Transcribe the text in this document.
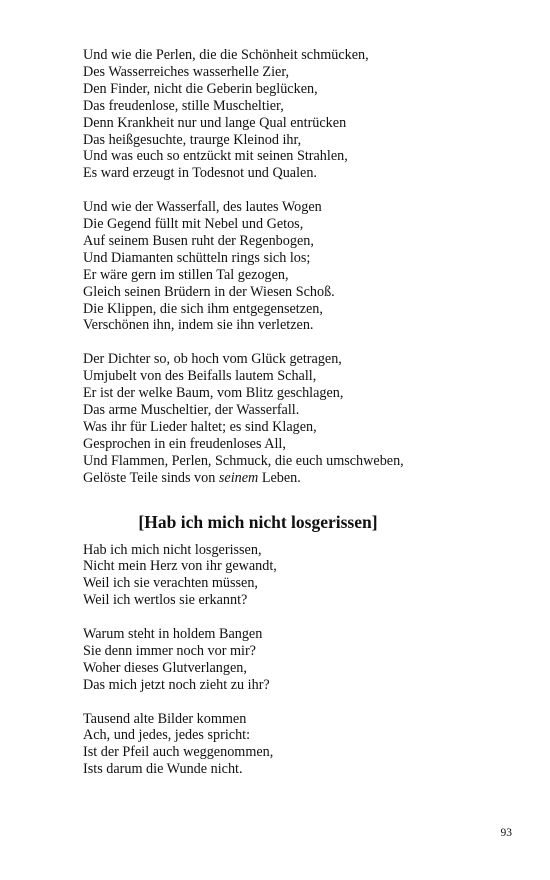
Und wie die Perlen, die die Schönheit schmücken,
Des Wasserreiches wasserhelle Zier,
Den Finder, nicht die Geberin beglücken,
Das freudenlose, stille Muscheltier,
Denn Krankheit nur und lange Qual entrücken
Das heißgesuchte, traurge Kleinod ihr,
Und was euch so entzückt mit seinen Strahlen,
Es ward erzeugt in Todesnot und Qualen.
Und wie der Wasserfall, des lautes Wogen
Die Gegend füllt mit Nebel und Getos,
Auf seinem Busen ruht der Regenbogen,
Und Diamanten schütteln rings sich los;
Er wäre gern im stillen Tal gezogen,
Gleich seinen Brüdern in der Wiesen Schoß.
Die Klippen, die sich ihm entgegensetzen,
Verschönen ihn, indem sie ihn verletzen.
Der Dichter so, ob hoch vom Glück getragen,
Umjubelt von des Beifalls lautem Schall,
Er ist der welke Baum, vom Blitz geschlagen,
Das arme Muscheltier, der Wasserfall.
Was ihr für Lieder haltet; es sind Klagen,
Gesprochen in ein freudenloses All,
Und Flammen, Perlen, Schmuck, die euch umschweben,
Gelöste Teile sinds von seinem Leben.
[Hab ich mich nicht losgerissen]
Hab ich mich nicht losgerissen,
Nicht mein Herz von ihr gewandt,
Weil ich sie verachten müssen,
Weil ich wertlos sie erkannt?
Warum steht in holdem Bangen
Sie denn immer noch vor mir?
Woher dieses Glutverlangen,
Das mich jetzt noch zieht zu ihr?
Tausend alte Bilder kommen
Ach, und jedes, jedes spricht:
Ist der Pfeil auch weggenommen,
Ists darum die Wunde nicht.
93
